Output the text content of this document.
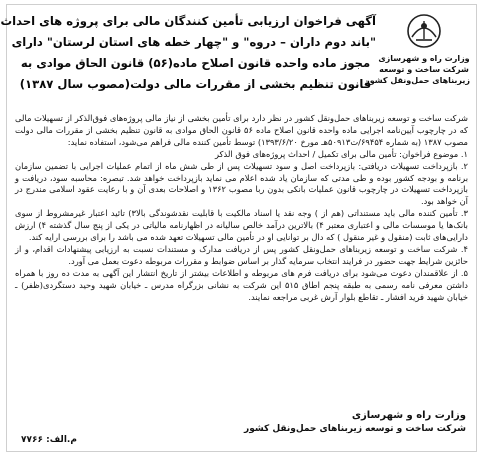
وزارت راه و شهرسازی
شرکت ساخت و توسعه
زیربناهای حمل‌ونقل کشور
آگهی فراخوان ارزیابی تأمین کنندگان مالی برای پروژه های احداث
"باند دوم داران – دروه" و "چهار خطه های استان لرستان" دارای
مجوز ماده واحده قانون اصلاح ماده(۵۶) قانون الحاق موادی به
قانون تنظیم بخشی از مقررات مالی دولت(مصوب سال ۱۳۸۷)

شرکت ساخت و توسعه زیربناهای حمل‌ونقل کشور در نظر دارد برای تأمین بخشی از نیاز مالی پروژه‌های فوق‌الذکر از تسهیلات مالی که در چارچوب آیین‌نامه اجرایی ماده واحده قانون اصلاح ماده ۵۶ قانون الحاق موادی به قانون تنظیم بخشی از مقررات مالی دولت مصوب ۱۳۸۷ (به شماره ۶۹۴۵۴/ت۵۰۹۱۳هـ مورخ ۱۳۹۳/۶/۲۰) توسط تأمین کننده مالی فراهم می‌شود، استفاده نماید:

۱. موضوع فراخوان: تأمین مالی برای تکمیل / احداث پروژه‌های فوق الذکر

۲. بازپرداخت تسهیلات دریافتی: بازپرداخت اصل و سود تسهیلات پس از طی شش ماه از اتمام عملیات اجرایی با تضمین سازمان برنامه و بودجه کشور بوده و طی مدتی که سازمان یاد شده اعلام می نماید بازپرداخت خواهد شد. تبصره: محاسبه سود، دریافت و بازپرداخت تسهیلات در چارچوب قانون عملیات بانکی بدون ربا مصوب ۱۳۶۲ و اصلاحات بعدی آن و با رعایت عقود اسلامی مندرج در آن خواهد بود.

۳. تأمین کننده مالی باید مستنداتی (هم از ) وجه نقد یا اسناد مالکیت با قابلیت نقدشوندگی بالا۳) تائید اعتبار غیرمشروط از سوی بانک‌ها یا موسسات مالی و اعتباری معتبر ۴) بالاترین درآمد خالص سالیانه در اظهارنامه مالیاتی در یکی از پنج سال گذشته ۴) ارزش دارایی‌های ثابت (منقول و غیر منقول ) که دال بر توانایی او در تأمین مالی تسهیلات تعهد شده می باشد را برای بررسی ارایه کند.

۴. شرکت ساخت و توسعه زیربناهای حمل‌ونقل کشور پس از دریافت مدارک و مستندات نسبت به ارزیابی پیشنهادات اقدام، و از حائزین شرایط جهت حضور در فرایند انتخاب سرمایه گذار بر اساس ضوابط و مقررات مربوطه دعوت بعمل می آورد.

۵. از علاقمندان دعوت می‌شود برای دریافت فرم های مربوطه و اطلاعات بیشتر از تاریخ انتشار این آگهی به مدت ده روز با همراه داشتن معرفی نامه رسمی به طبقه پنجم اطاق ۵۱۵ این شرکت به نشانی بزرگراه مدرس ـ خیابان شهید وحید دستگردی(ظفر) ـ خیابان شهید فرید افشار ـ تقاطع بلوار آرش غربی مراجعه نمایند.

وزارت راه و شهرسازی
شرکت ساخت و توسعه زیربناهای حمل‌ونقل کشور
م.الف: ۷۷۶۶
